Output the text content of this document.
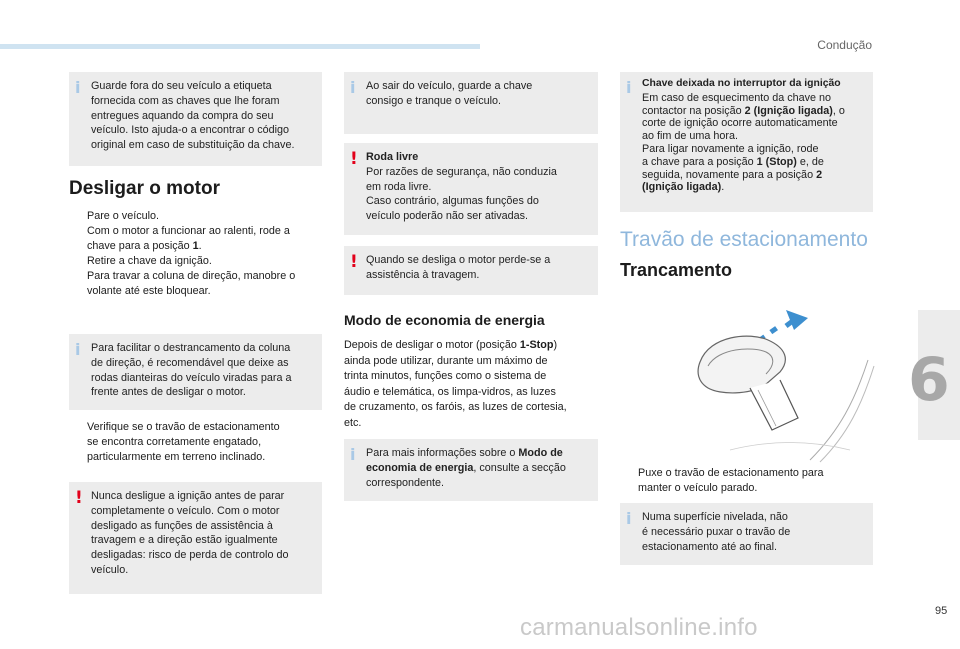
Condução
6
i Guarde fora do seu veículo a etiqueta
fornecida com as chaves que lhe foram
entregues aquando da compra do seu
veículo. Isto ajuda-o a encontrar o código
original em caso de substituição da chave.
Desligar o motor
Pare o veículo.
Com o motor a funcionar ao ralenti, rode a
chave para a posição 1.
Retire a chave da ignição.
Para travar a coluna de direção, manobre o
volante até este bloquear.
i Para facilitar o destrancamento da coluna
de direção, é recomendável que deixe as
rodas dianteiras do veículo viradas para a
frente antes de desligar o motor.
Verifique se o travão de estacionamento
se encontra corretamente engatado,
particularmente em terreno inclinado.
! Nunca desligue a ignição antes de parar
completamente o veículo. Com o motor
desligado as funções de assistência à
travagem e a direção estão igualmente
desligadas: risco de perda de controlo do
veículo.
i Ao sair do veículo, guarde a chave
consigo e tranque o veículo.
! Roda livre
Por razões de segurança, não conduzia
em roda livre.
Caso contrário, algumas funções do
veículo poderão não ser ativadas.
! Quando se desliga o motor perde-se a
assistência à travagem.
Modo de economia de energia
Depois de desligar o motor (posição 1-Stop)
ainda pode utilizar, durante um máximo de
trinta minutos, funções como o sistema de
áudio e telemática, os limpa-vidros, as luzes
de cruzamento, os faróis, as luzes de cortesia,
etc.
i Para mais informações sobre o Modo de
economia de energia, consulte a secção
correspondente.
i Chave deixada no interruptor da ignição
Em caso de esquecimento da chave no
contactor na posição 2 (Ignição ligada), o
corte de ignição ocorre automaticamente
ao fim de uma hora.
Para ligar novamente a ignição, rode
a chave para a posição 1 (Stop) e, de
seguida, novamente para a posição 2
(Ignição ligada).
Travão de estacionamento
Trancamento
Puxe o travão de estacionamento para
manter o veículo parado.
i Numa superfície nivelada, não
é necessário puxar o travão de
estacionamento até ao final.
95
carmanualsonline.info
